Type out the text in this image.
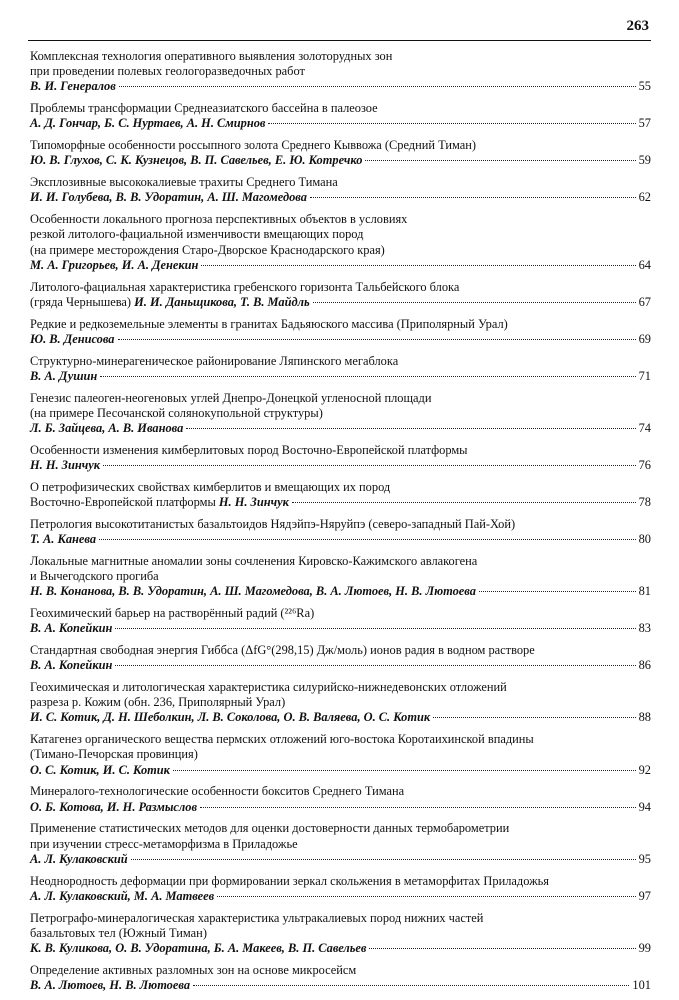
263
Комплексная технология оперативного выявления золоторудных зон
при проведении полевых геологоразведочных работ
В. И. Генералов	55
Проблемы трансформации Среднеазиатского бассейна в палеозое
А. Д. Гончар, Б. С. Нуртаев, А. Н. Смирнов	57
Типоморфные особенности россыпного золота Среднего Кыввожа (Средний Тиман)
Ю. В. Глухов, С. К. Кузнецов, В. П. Савельев, Е. Ю. Котречко	59
Эксплозивные высококалиевые трахиты Среднего Тимана
И. И. Голубева, В. В. Удоратин, А. Ш. Магомедова	62
Особенности локального прогноза перспективных объектов в условиях
резкой литолого-фациальной изменчивости вмещающих пород
(на примере месторождения Старо-Дворское Краснодарского края)
М. А. Григорьев, И. А. Денекин	64
Литолого-фациальная характеристика гребенского горизонта Тальбейского блока
(гряда Чернышева) И. И. Даньщикова, Т. В. Майдль	67
Редкие и редкоземельные элементы в гранитах Бадьяюского массива (Приполярный Урал)
Ю. В. Денисова	69
Структурно-минерагеническое районирование Ляпинского мегаблока
В. А. Душин	71
Генезис палеоген-неогеновых углей Днепро-Донецкой угленосной площади
(на примере Песочанской солянокупольной структуры)
Л. Б. Зайцева, А. В. Иванова	74
Особенности изменения кимберлитовых пород Восточно-Европейской платформы
Н. Н. Зинчук	76
О петрофизических свойствах кимберлитов и вмещающих их пород
Восточно-Европейской платформы Н. Н. Зинчук	78
Петрология высокотитанистых базальтоидов Нядэйпэ-Няруйпэ (северо-западный Пай-Хой)
Т. А. Канева	80
Локальные магнитные аномалии зоны сочленения Кировско-Кажимского авлакогена
и Вычегодского прогиба
Н. В. Конанова, В. В. Удоратин, А. Ш. Магомедова, В. А. Лютоев, Н. В. Лютоева	81
Геохимический барьер на растворённый радий (²²⁶Ra)
В. А. Копейкин	83
Стандартная свободная энергия Гиббса (ΔfG°(298,15) Дж/моль) ионов радия в водном растворе
В. А. Копейкин	86
Геохимическая и литологическая характеристика силурийско-нижнедевонских отложений
разреза р. Кожим (обн. 236, Приполярный Урал)
И. С. Котик, Д. Н. Шеболкин, Л. В. Соколова, О. В. Валяева, О. С. Котик	88
Катагенез органического вещества пермских отложений юго-востока Коротаихинской впадины
(Тимано-Печорская провинция)
О. С. Котик, И. С. Котик	92
Минералого-технологические особенности бокситов Среднего Тимана
О. Б. Котова, И. Н. Размыслов	94
Применение статистических методов для оценки достоверности данных термобарометрии
при изучении стресс-метаморфизма в Приладожье
А. Л. Кулаковский	95
Неоднородность деформации при формировании зеркал скольжения в метаморфитах Приладожья
А. Л. Кулаковский, М. А. Матвеев	97
Петрографо-минералогическая характеристика ультракалиевых пород нижних частей
базальтовых тел (Южный Тиман)
К. В. Куликова, О. В. Удоратина, Б. А. Макеев, В. П. Савельев	99
Определение активных разломных зон на основе микросейсм
В. А. Лютоев, Н. В. Лютоева	101
